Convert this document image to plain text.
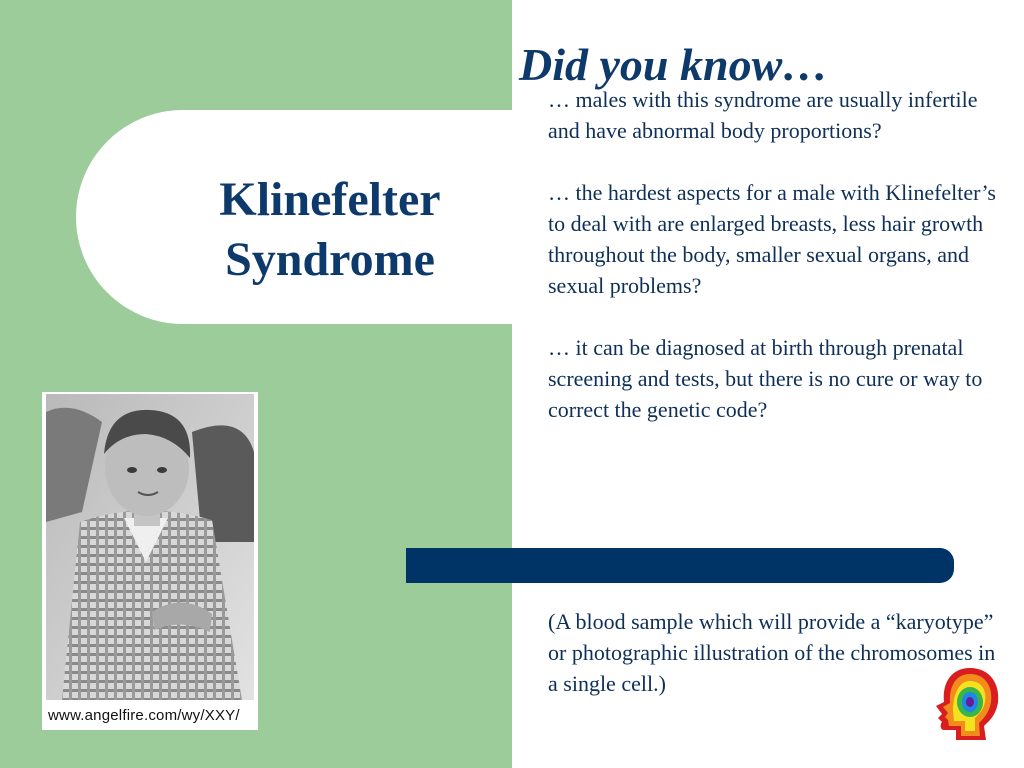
Klinefelter Syndrome
www.angelfire.com/wy/XXY/
Did you know…
… males with this syndrome are usually infertile and have abnormal body proportions?
… the hardest aspects for a male with Klinefelter’s to deal with are enlarged breasts, less hair growth throughout the body, smaller sexual organs, and sexual problems?
… it can be diagnosed at birth through prenatal screening and tests, but there is no cure or way to correct the genetic code?

(A blood sample which will provide a “karyotype” or photographic illustration of the chromosomes in a single cell.)
